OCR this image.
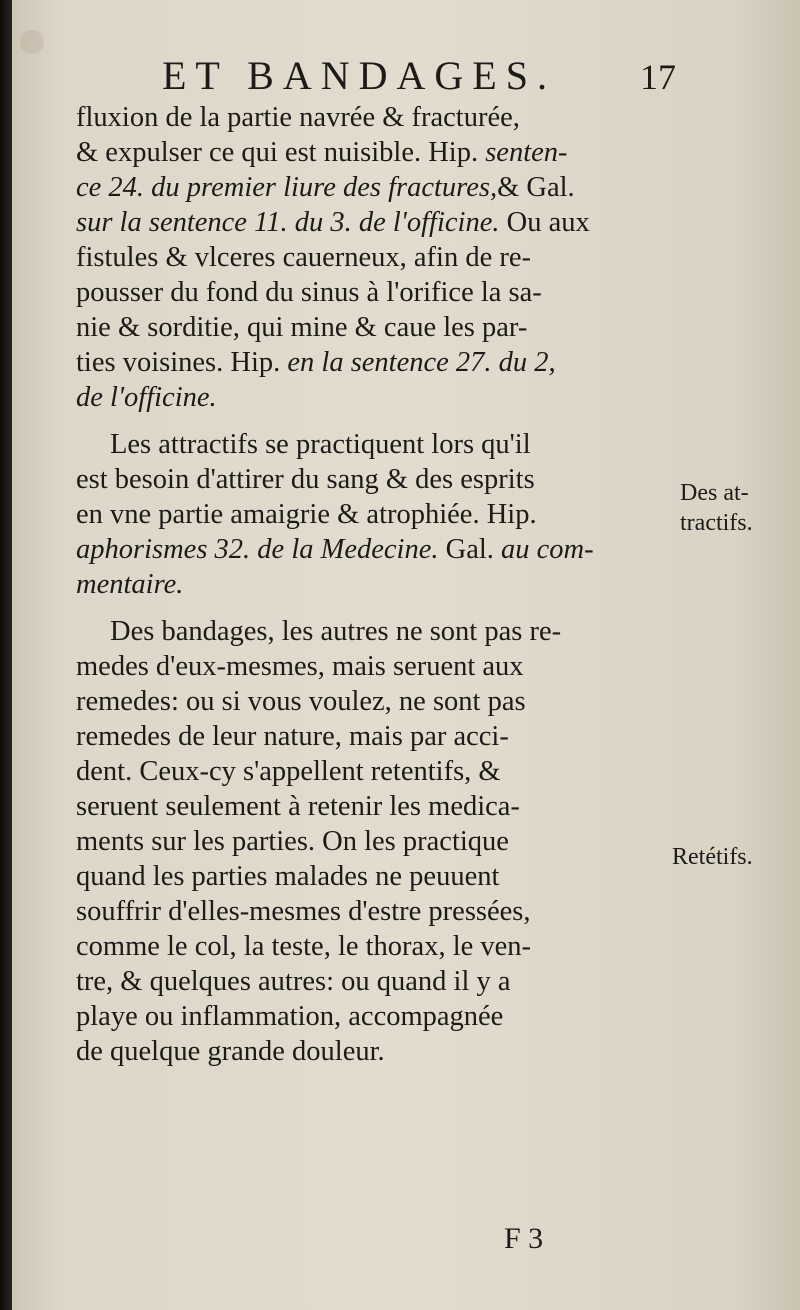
ET BANDAGES. 17
fluxion de la partie navrée & fracturée,
& expulser ce qui est nuisible. Hip. senten-
ce 24. du premier liure des fractures,& Gal.
sur la sentence 11. du 3. de l'officine. Ou aux
fistules & vlceres cauerneux, afin de re-
pousser du fond du sinus à l'orifice la sa-
nie & sorditie, qui mine & caue les par-
ties voisines. Hip. en la sentence 27. du 2,
de l'officine.
Les attractifs se practiquent lors qu'il
est besoin d'attirer du sang & des esprits
en vne partie amaigrie & atrophiée. Hip.
aphorismes 32. de la Medecine. Gal. au com-
mentaire.
Des bandages, les autres ne sont pas re-
medes d'eux-mesmes, mais seruent aux
remedes: ou si vous voulez, ne sont pas
remedes de leur nature, mais par acci-
dent. Ceux-cy s'appellent retentifs, &
seruent seulement à retenir les medica-
ments sur les parties. On les practique
quand les parties malades ne peuuent
souffrir d'elles-mesmes d'estre pressées,
comme le col, la teste, le thorax, le ven-
tre, & quelques autres: ou quand il y a
playe ou inflammation, accompagnée
de quelque grande douleur.
Des at-
tractifs.
Retétifs.
F 3
